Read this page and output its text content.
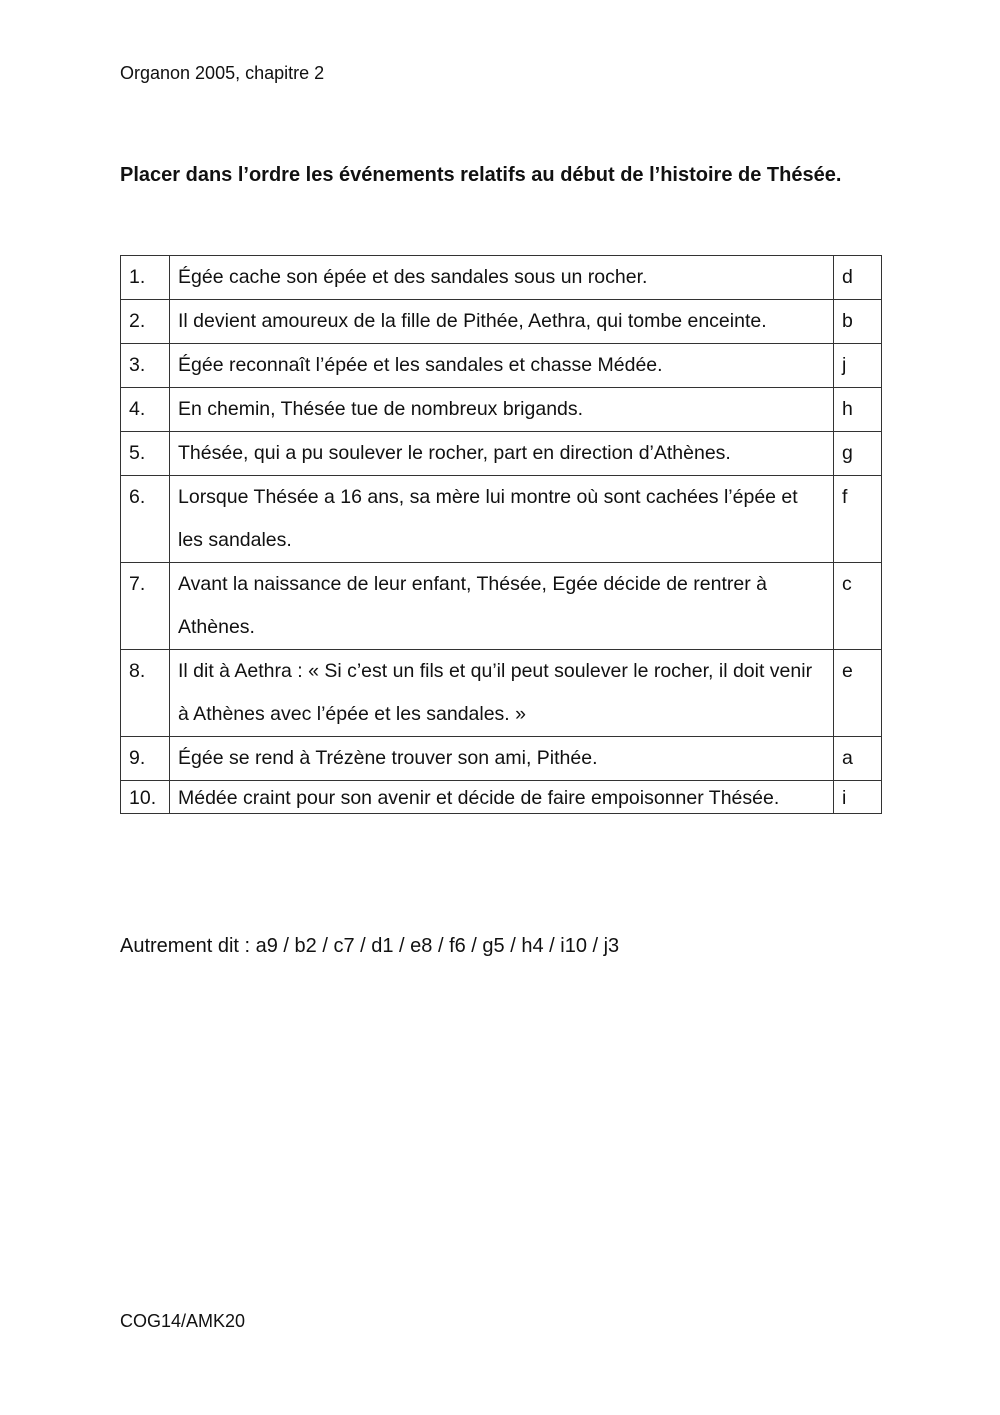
Organon 2005, chapitre 2

Placer dans l’ordre les événements relatifs au début de l’histoire de Thésée.
1.	Égée cache son épée et des sandales sous un rocher.	d
2.	Il devient amoureux de la fille de Pithée, Aethra, qui tombe enceinte.	b
3.	Égée reconnaît l’épée et les sandales et chasse Médée.	j
4.	En chemin, Thésée tue de nombreux brigands.	h
5.	Thésée, qui a pu soulever le rocher, part en direction d’Athènes.	g
6.	Lorsque Thésée a 16 ans, sa mère lui montre où sont cachées l’épée et les sandales.	f
7.	Avant la naissance de leur enfant, Thésée, Egée décide de rentrer à Athènes.	c
8.	Il dit à Aethra : « Si c’est un fils et qu’il peut soulever le rocher, il doit venir à Athènes avec l’épée et les sandales. »	e
9.	Égée se rend à Trézène trouver son ami, Pithée.	a
10.	Médée craint pour son avenir et décide de faire empoisonner Thésée.	i

Autrement dit : a9 / b2 / c7 / d1 / e8 / f6 / g5 / h4 / i10 / j3

COG14/AMK20
